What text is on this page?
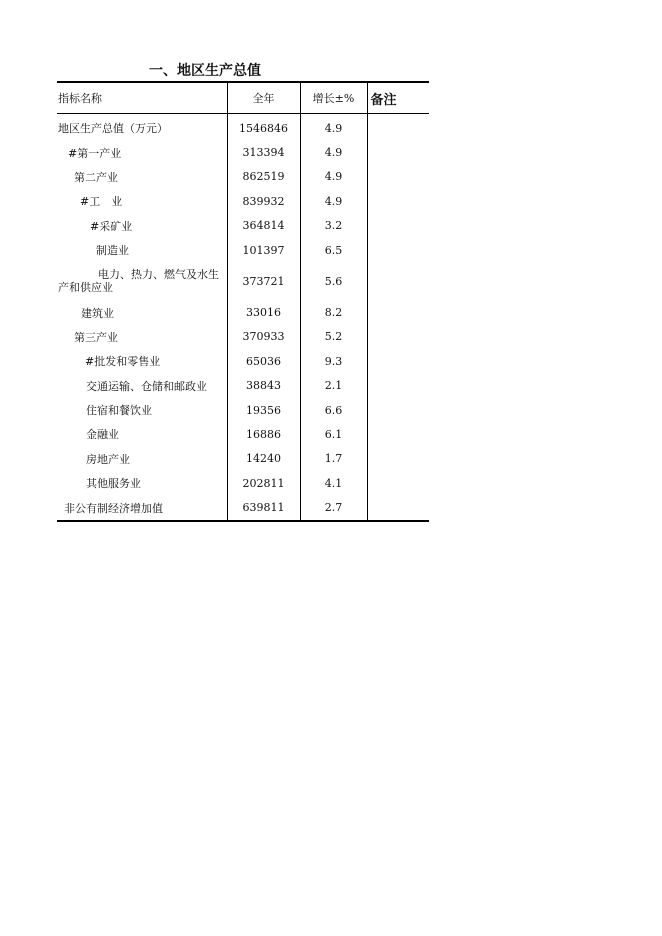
一、地区生产总值
指标名称	全年	增长±%	备注
地区生产总值（万元）	1546846	4.9	
#第一产业	313394	4.9	
第二产业	862519	4.9	
#工　业	839932	4.9	
#采矿业	364814	3.2	
制造业	101397	6.5	
电力、热力、燃气及水生产和供应业	373721	5.6	
建筑业	33016	8.2	
第三产业	370933	5.2	
#批发和零售业	65036	9.3	
交通运输、仓储和邮政业	38843	2.1	
住宿和餐饮业	19356	6.6	
金融业	16886	6.1	
房地产业	14240	1.7	
其他服务业	202811	4.1	
非公有制经济增加值	639811	2.7	
